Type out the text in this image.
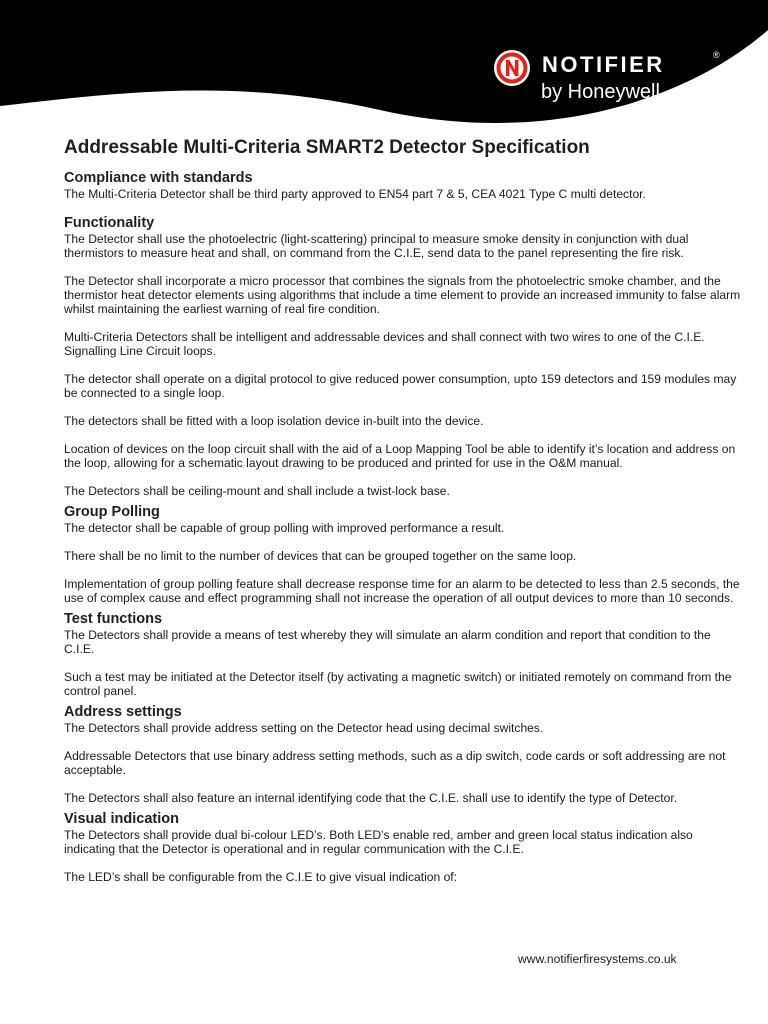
NOTIFIER	®
by Honeywell
Addressable Multi-Criteria SMART2 Detector Specification
Compliance with standards

The Multi-Criteria Detector shall be third party approved to EN54 part 7 & 5, CEA 4021 Type C multi detector.

Functionality

The Detector shall use the photoelectric (light-scattering) principal to measure smoke density in conjunction with dual thermistors to measure heat and shall, on command from the C.I.E, send data to the panel representing the fire risk.

The Detector shall incorporate a micro processor that combines the signals from the photoelectric smoke chamber, and the thermistor heat detector elements using algorithms that include a time element to provide an increased immunity to false alarm whilst maintaining the earliest warning of real fire condition.

Multi-Criteria Detectors shall be intelligent and addressable devices and shall connect with two wires to one of the C.I.E. Signalling Line Circuit loops.

The detector shall operate on a digital protocol to give reduced power consumption, upto 159 detectors and 159 modules may be connected to a single loop.

The detectors shall be fitted with a loop isolation device in-built into the device.

Location of devices on the loop circuit shall with the aid of a Loop Mapping Tool be able to identify it’s location and address on the loop, allowing for a schematic layout drawing to be produced and printed for use in the O&M manual.

The Detectors shall be ceiling-mount and shall include a twist-lock base.

Group Polling

The detector shall be capable of group polling with improved performance a result.

There shall be no limit to the number of devices that can be grouped together on the same loop.

Implementation of group polling feature shall decrease response time for an alarm to be detected to less than 2.5 seconds, the use of complex cause and effect programming shall not increase the operation of all output devices to more than 10 seconds.

Test functions

The Detectors shall provide a means of test whereby they will simulate an alarm condition and report that condition to the C.I.E.

Such a test may be initiated at the Detector itself (by activating a magnetic switch) or initiated remotely on command from the control panel.

Address settings

The Detectors shall provide address setting on the Detector head using decimal switches.

Addressable Detectors that use binary address setting methods, such as a dip switch, code cards or soft addressing are not acceptable.

The Detectors shall also feature an internal identifying code that the C.I.E. shall use to identify the type of Detector.

Visual indication

The Detectors shall provide dual bi-colour LED’s. Both LED’s enable red, amber and green local status indication also indicating that the Detector is operational and in regular communication with the C.I.E.

The LED’s shall be configurable from the C.I.E to give visual indication of:

www.notifierfiresystems.co.uk
